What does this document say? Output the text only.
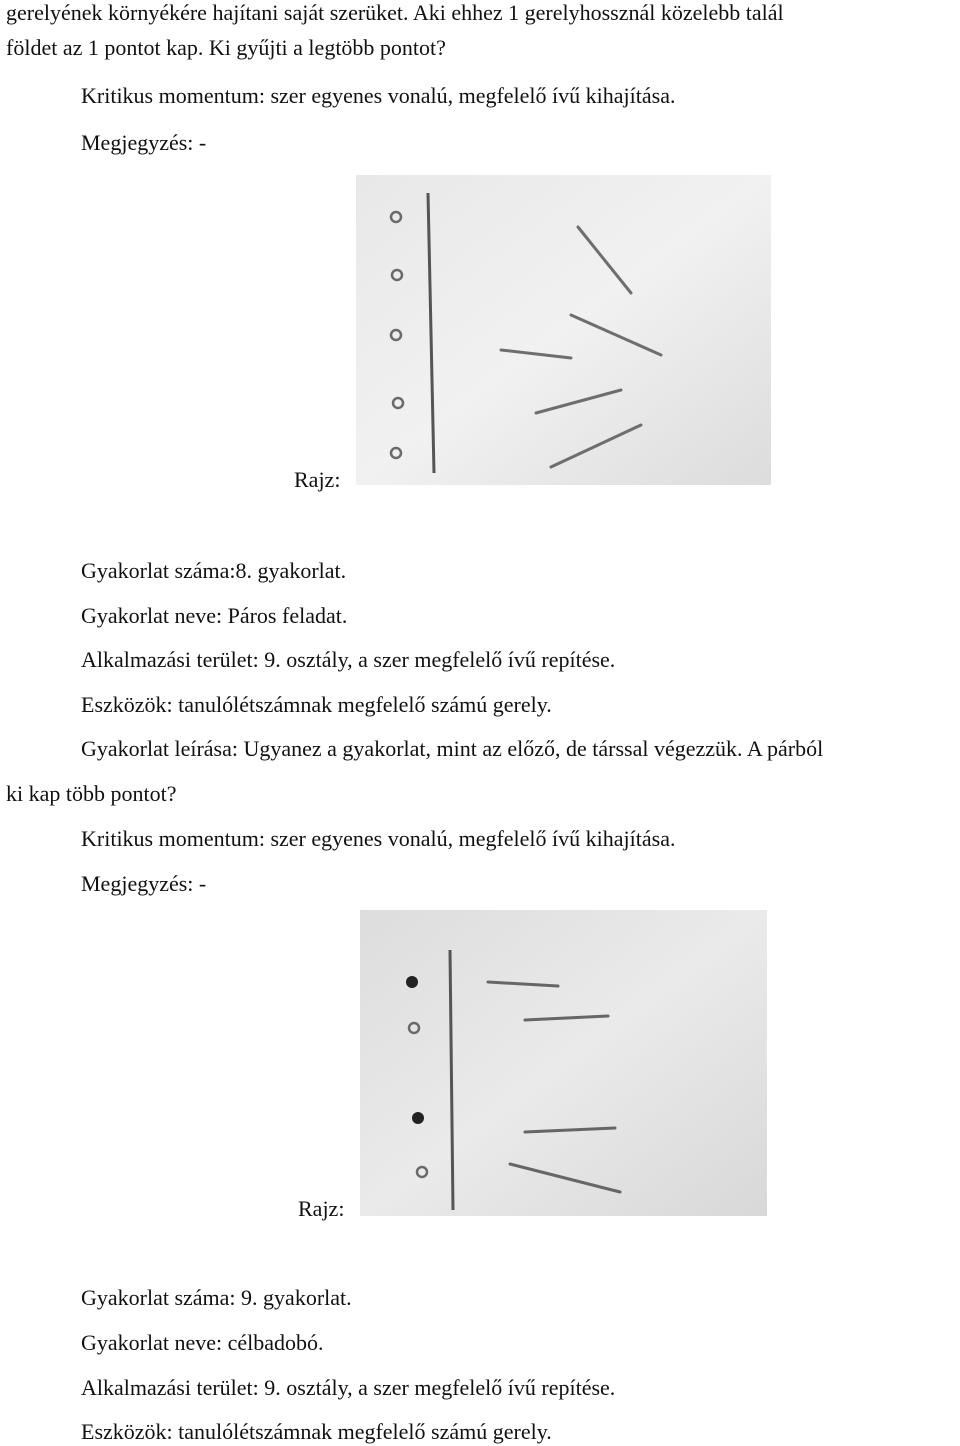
gerelyének környékére hajítani saját szerüket. Aki ehhez 1 gerelyhossznál közelebb talál

földet az 1 pontot kap. Ki gyűjti a legtöbb pontot?

Kritikus momentum: szer egyenes vonalú, megfelelő ívű kihajítása.

Megjegyzés: -

Rajz:

Gyakorlat száma:8. gyakorlat.

Gyakorlat neve: Páros feladat.

Alkalmazási terület: 9. osztály, a szer megfelelő ívű repítése.

Eszközök: tanulólétszámnak megfelelő számú gerely.

Gyakorlat leírása: Ugyanez a gyakorlat, mint az előző, de társsal végezzük. A párból

ki kap több pontot?

Kritikus momentum: szer egyenes vonalú, megfelelő ívű kihajítása.

Megjegyzés: -

Rajz:

Gyakorlat száma: 9. gyakorlat.

Gyakorlat neve: célbadobó.

Alkalmazási terület: 9. osztály, a szer megfelelő ívű repítése.

Eszközök: tanulólétszámnak megfelelő számú gerely.
